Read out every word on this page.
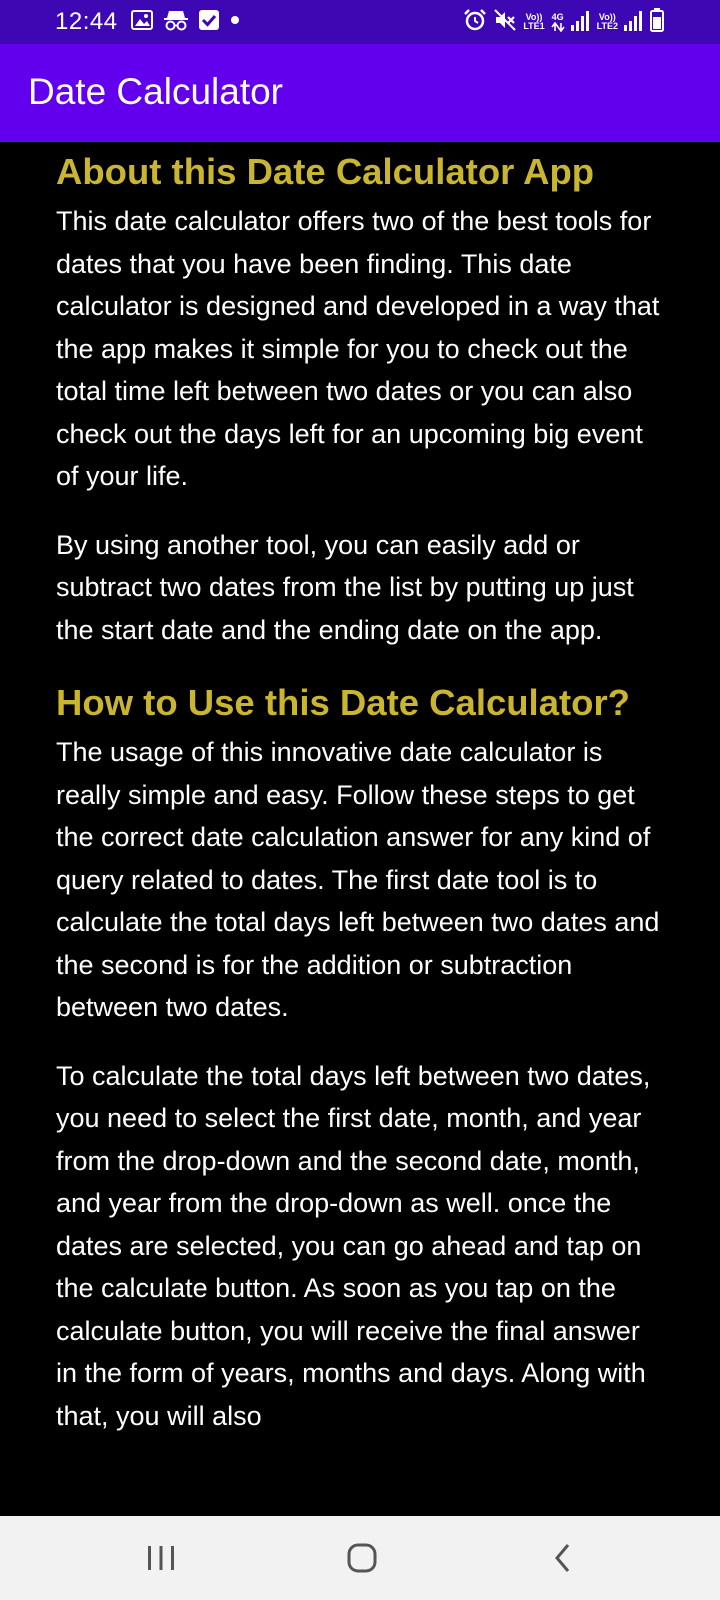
12:44	Vo))
LTE1
4G	Vo))
LTE2
Date Calculator
About this Date Calculator App

This date calculator offers two of the best tools for dates that you have been finding. This date calculator is designed and developed in a way that the app makes it simple for you to check out the total time left between two dates or you can also check out the days left for an upcoming big event of your life.

By using another tool, you can easily add or subtract two dates from the list by putting up just the start date and the ending date on the app.

How to Use this Date Calculator?

The usage of this innovative date calculator is really simple and easy. Follow these steps to get the correct date calculation answer for any kind of query related to dates. The first date tool is to calculate the total days left between two dates and the second is for the addition or subtraction between two dates.

To calculate the total days left between two dates, you need to select the first date, month, and year from the drop-down and the second date, month, and year from the drop-down as well. once the dates are selected, you can go ahead and tap on the calculate button. As soon as you tap on the calculate button, you will receive the final answer in the form of years, months and days. Along with that, you will also
